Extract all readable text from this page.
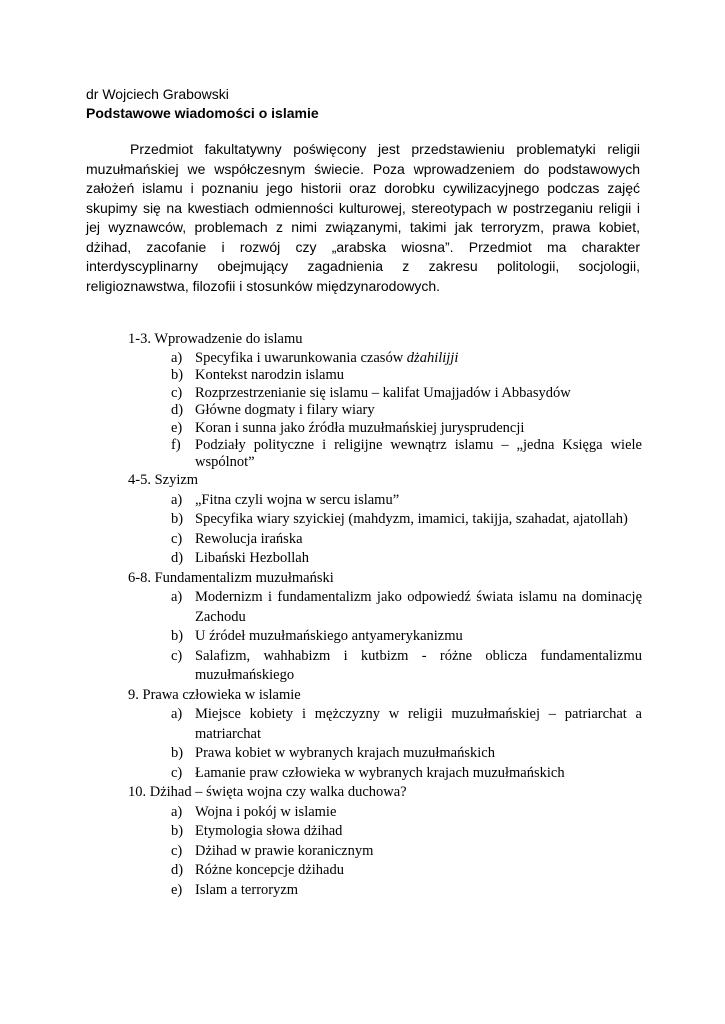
dr Wojciech Grabowski
Podstawowe wiadomości o islamie

Przedmiot fakultatywny poświęcony jest przedstawieniu problematyki religii muzułmańskiej we współczesnym świecie. Poza wprowadzeniem do podstawowych założeń islamu i poznaniu jego historii oraz dorobku cywilizacyjnego podczas zajęć skupimy się na kwestiach odmienności kulturowej, stereotypach w postrzeganiu religii i jej wyznawców, problemach z nimi związanymi, takimi jak terroryzm, prawa kobiet, dżihad, zacofanie i rozwój czy „arabska wiosna”. Przedmiot ma charakter interdyscyplinarny obejmujący zagadnienia z zakresu politologii, socjologii, religioznawstwa, filozofii i stosunków międzynarodowych.

1-3. Wprowadzenie do islamu
a) Specyfika i uwarunkowania czasów dżahilijji
b) Kontekst narodzin islamu
c) Rozprzestrzenianie się islamu – kalifat Umajjadów i Abbasydów
d) Główne dogmaty i filary wiary
e) Koran i sunna jako źródła muzułmańskiej jurysprudencji
f) Podziały polityczne i religijne wewnątrz islamu – „jedna Księga wiele wspólnot”
4-5. Szyizm
a) „Fitna czyli wojna w sercu islamu”
b) Specyfika wiary szyickiej (mahdyzm, imamici, takijja, szahadat, ajatollah)
c) Rewolucja irańska
d) Libański Hezbollah
6-8. Fundamentalizm muzułmański
a) Modernizm i fundamentalizm jako odpowiedź świata islamu na dominację Zachodu
b) U źródeł muzułmańskiego antyamerykanizmu
c) Salafizm, wahhabizm i kutbizm - różne oblicza fundamentalizmu muzułmańskiego
9. Prawa człowieka w islamie
a) Miejsce kobiety i mężczyzny w religii muzułmańskiej – patriarchat a matriarchat
b) Prawa kobiet w wybranych krajach muzułmańskich
c) Łamanie praw człowieka w wybranych krajach muzułmańskich
10. Dżihad – święta wojna czy walka duchowa?
a) Wojna i pokój w islamie
b) Etymologia słowa dżihad
c) Dżihad w prawie koranicznym
d) Różne koncepcje dżihadu
e) Islam a terroryzm
